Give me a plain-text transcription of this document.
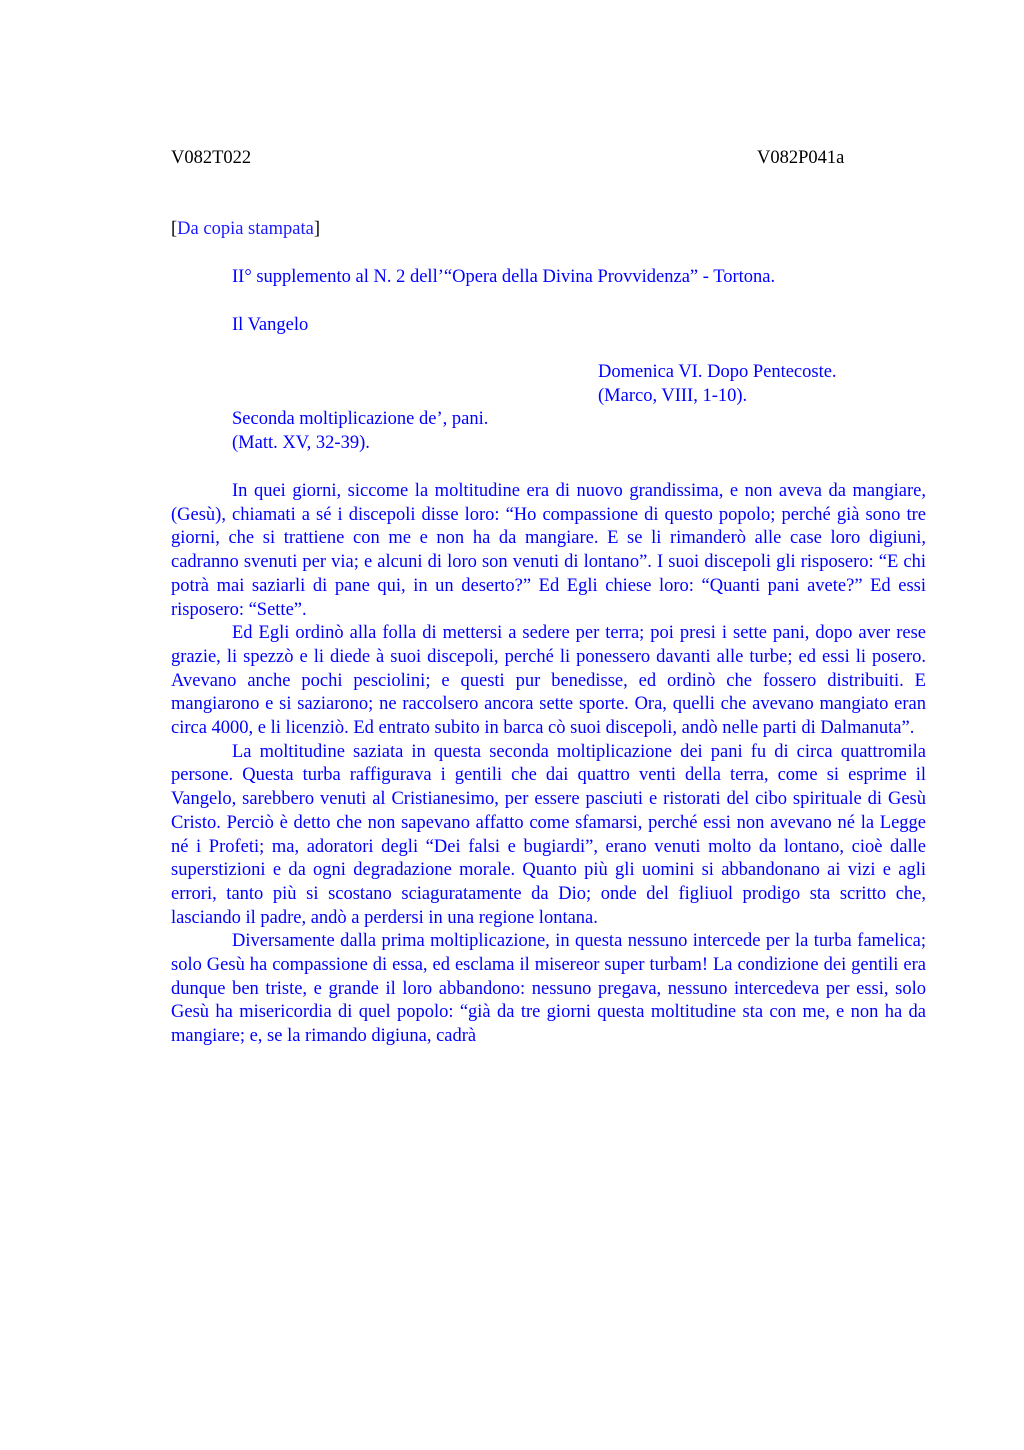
V082T022	V082P041a
[Da copia stampata]
II° supplemento al N. 2 dell’“Opera della Divina Provvidenza” - Tortona.
Il Vangelo
Domenica VI. Dopo Pentecoste.
(Marco, VIII, 1-10).
Seconda moltiplicazione de’, pani.
(Matt. XV, 32-39).

In quei giorni, siccome la moltitudine era di nuovo grandissima, e non aveva da mangiare, (Gesù), chiamati a sé i discepoli disse loro: “Ho compassione di questo popolo; perché già sono tre giorni, che si trattiene con me e non ha da mangiare. E se li rimanderò alle case loro digiuni, cadranno svenuti per via; e alcuni di loro son venuti di lontano”. I suoi discepoli gli risposero: “E chi potrà mai saziarli di pane qui, in un deserto?” Ed Egli chiese loro: “Quanti pani avete?” Ed essi risposero: “Sette”.

Ed Egli ordinò alla folla di mettersi a sedere per terra; poi presi i sette pani, dopo aver rese grazie, li spezzò e li diede à suoi discepoli, perché li ponessero davanti alle turbe; ed essi li posero. Avevano anche pochi pesciolini; e questi pur benedisse, ed ordinò che fossero distribuiti. E mangiarono e si saziarono; ne raccolsero ancora sette sporte. Ora, quelli che avevano mangiato eran circa 4000, e li licenziò. Ed entrato subito in barca cò suoi discepoli, andò nelle parti di Dalmanuta”.

La moltitudine saziata in questa seconda moltiplicazione dei pani fu di circa quattromila persone. Questa turba raffigurava i gentili che dai quattro venti della terra, come si esprime il Vangelo, sarebbero venuti al Cristianesimo, per essere pasciuti e ristorati del cibo spirituale di Gesù Cristo. Perciò è detto che non sapevano affatto come sfamarsi, perché essi non avevano né la Legge né i Profeti; ma, adoratori degli “Dei falsi e bugiardi”, erano venuti molto da lontano, cioè dalle superstizioni e da ogni degradazione morale. Quanto più gli uomini si abbandonano ai vizi e agli errori, tanto più si scostano sciaguratamente da Dio; onde del figliuol prodigo sta scritto che, lasciando il padre, andò a perdersi in una regione lontana.

Diversamente dalla prima moltiplicazione, in questa nessuno intercede per la turba famelica; solo Gesù ha compassione di essa, ed esclama il misereor super turbam! La condizione dei gentili era dunque ben triste, e grande il loro abbandono: nessuno pregava, nessuno intercedeva per essi, solo Gesù ha misericordia di quel popolo: “già da tre giorni questa moltitudine sta con me, e non ha da mangiare; e, se la rimando digiuna, cadrà
